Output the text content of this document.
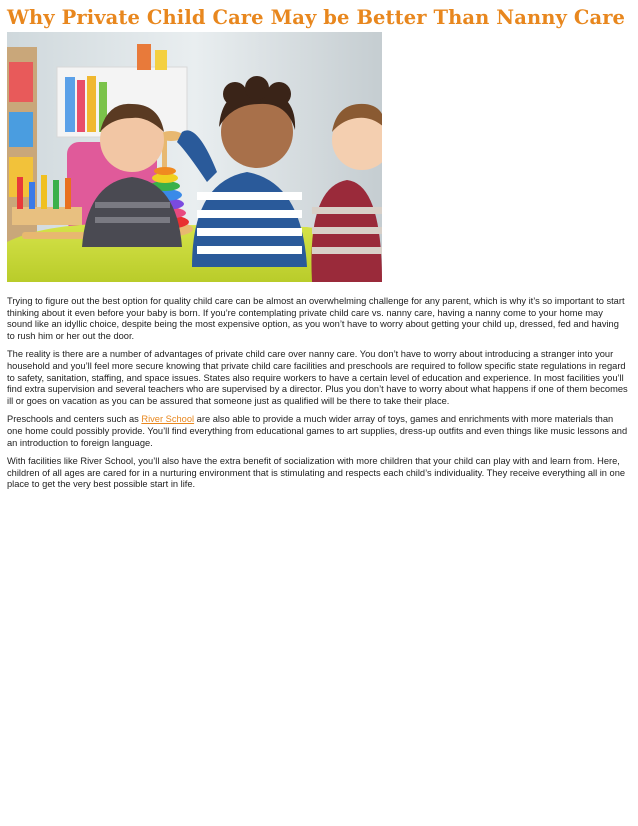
Why Private Child Care May be Better Than Nanny Care

Trying to figure out the best option for quality child care can be almost an overwhelming challenge for any parent, which is why it’s so important to start thinking about it even before your baby is born. If you’re contemplating private child care vs. nanny care, having a nanny come to your home may sound like an idyllic choice, despite being the most expensive option, as you won’t have to worry about getting your child up, dressed, fed and having to rush him or her out the door.

The reality is there are a number of advantages of private child care over nanny care. You don’t have to worry about introducing a stranger into your household and you’ll feel more secure knowing that private child care facilities and preschools are required to follow specific state regulations in regard to safety, sanitation, staffing, and space issues. States also require workers to have a certain level of education and experience. In most facilities you’ll find extra supervision and several teachers who are supervised by a director. Plus you don’t have to worry about what happens if one of them becomes ill or goes on vacation as you can be assured that someone just as qualified will be there to take their place.

Preschools and centers such as River School are also able to provide a much wider array of toys, games and enrichments with more materials than one home could possibly provide. You’ll find everything from educational games to art supplies, dress-up outfits and even things like music lessons and an introduction to foreign language.

With facilities like River School, you’ll also have the extra benefit of socialization with more children that your child can play with and learn from. Here, children of all ages are cared for in a nurturing environment that is stimulating and respects each child’s individuality. They receive everything all in one place to get the very best possible start in life.
